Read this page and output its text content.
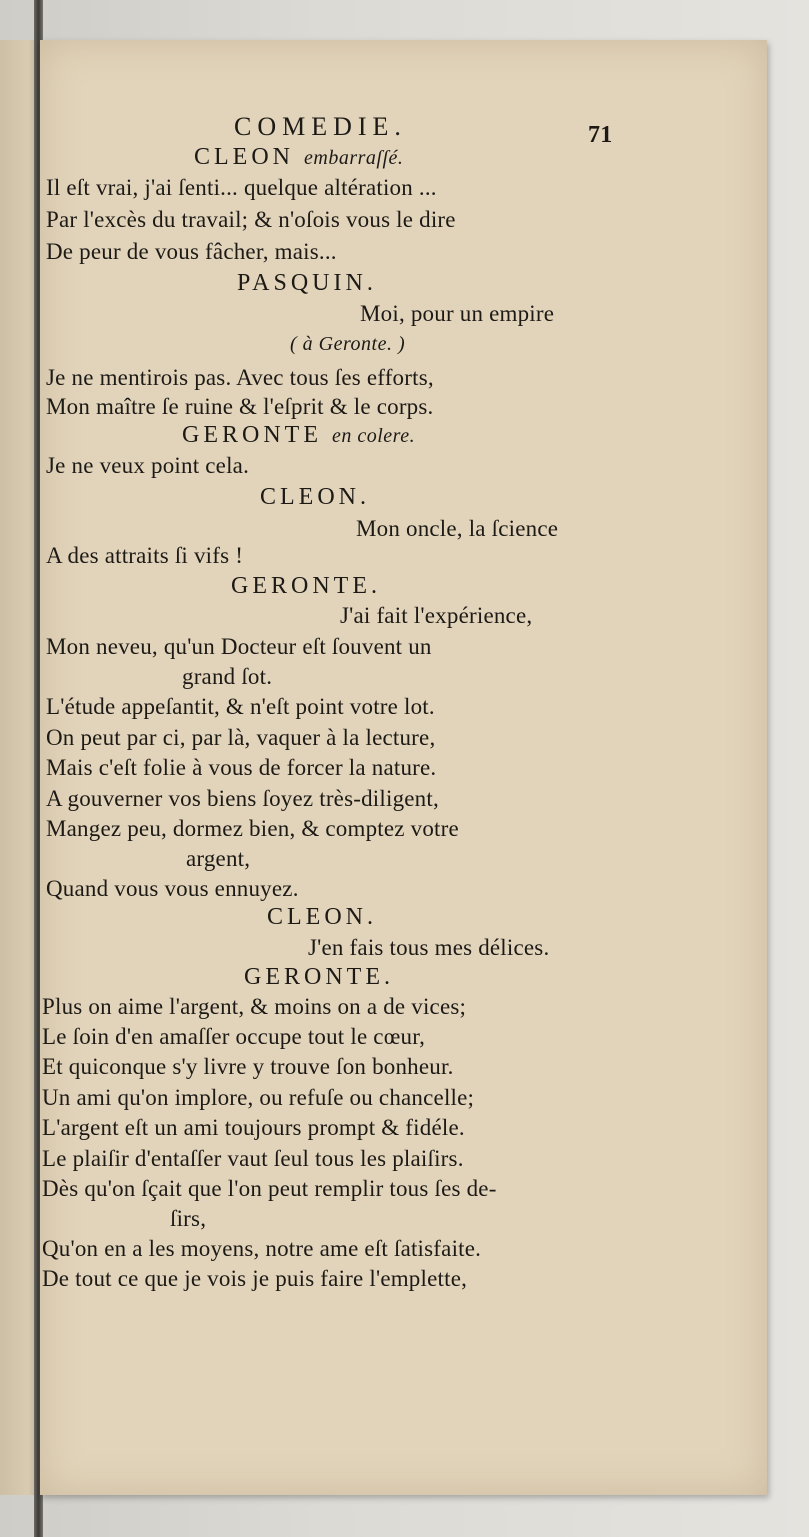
COMEDIE.	71
CLEON embarraſſé.
Il eſt vrai, j'ai ſenti... quelque altération ...
Par l'excès du travail; & n'oſois vous le dire
De peur de vous fâcher, mais...
PASQUIN.
Moi, pour un empire
( à Geronte. )
Je ne mentirois pas. Avec tous ſes efforts,
Mon maître ſe ruine & l'eſprit & le corps.
GERONTE en colere.
Je ne veux point cela.
CLEON.
Mon oncle, la ſcience
A des attraits ſi vifs !
GERONTE.
J'ai fait l'expérience,
Mon neveu, qu'un Docteur eſt ſouvent un
grand ſot.
L'étude appeſantit, & n'eſt point votre lot.
On peut par ci, par là, vaquer à la lecture,
Mais c'eſt folie à vous de forcer la nature.
A gouverner vos biens ſoyez très-diligent,
Mangez peu, dormez bien, & comptez votre
argent,
Quand vous vous ennuyez.
CLEON.
J'en fais tous mes délices.
GERONTE.
Plus on aime l'argent, & moins on a de vices;
Le ſoin d'en amaſſer occupe tout le cœur,
Et quiconque s'y livre y trouve ſon bonheur.
Un ami qu'on implore, ou refuſe ou chancelle;
L'argent eſt un ami toujours prompt & fidéle.
Le plaiſir d'entaſſer vaut ſeul tous les plaiſirs.
Dès qu'on ſçait que l'on peut remplir tous ſes de-
ſirs,
Qu'on en a les moyens, notre ame eſt ſatisfaite.
De tout ce que je vois je puis faire l'emplette,
